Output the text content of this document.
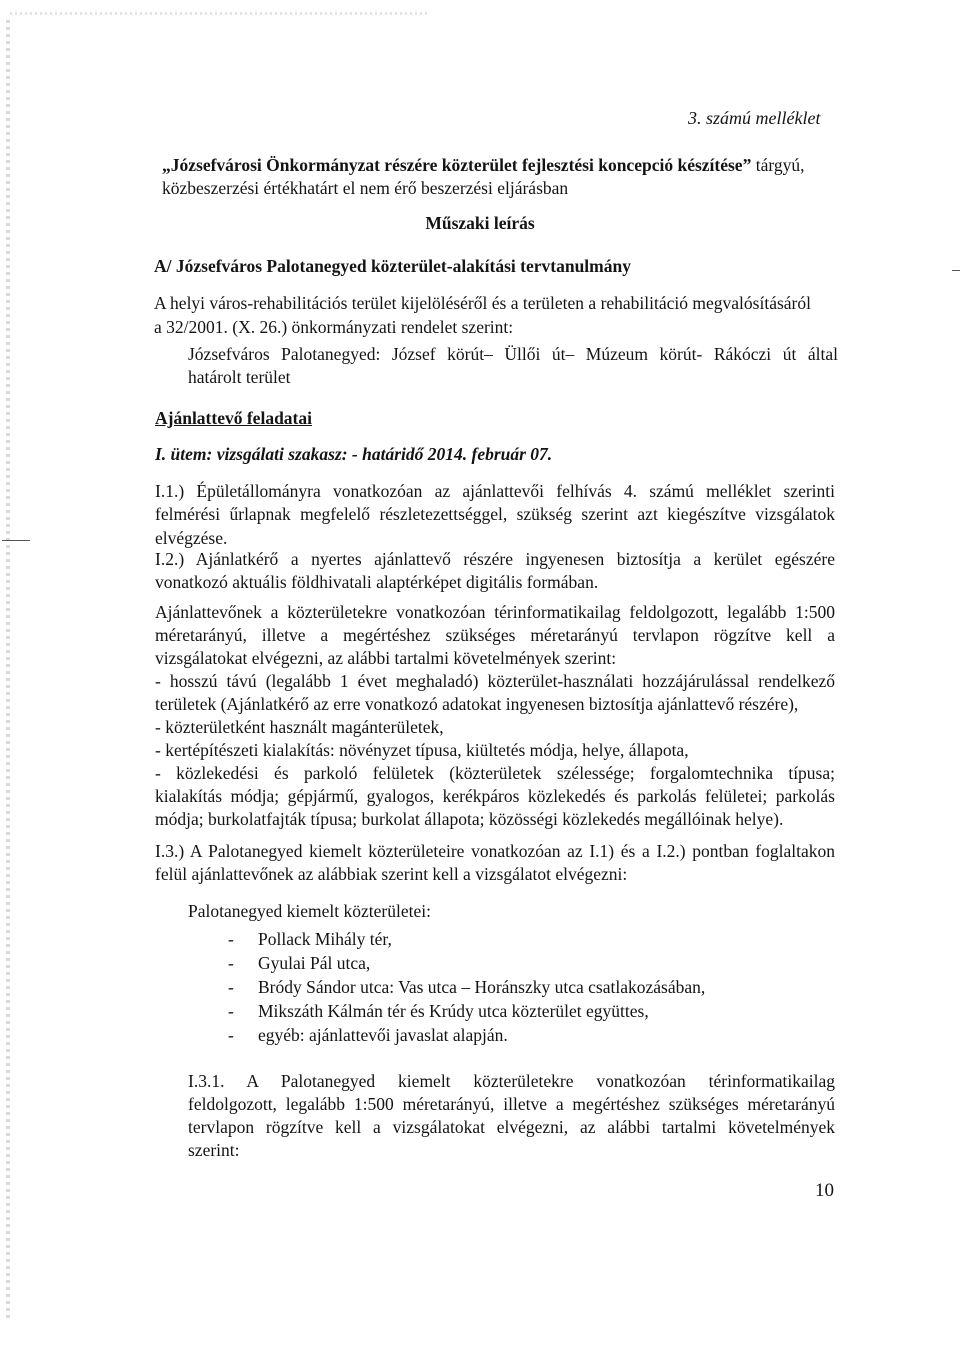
3. számú melléklet
„Józsefvárosi Önkormányzat részére közterület fejlesztési koncepció készítése” tárgyú,
közbeszerzési értékhatárt el nem érő beszerzési eljárásban
Műszaki leírás
A/ Józsefváros Palotanegyed közterület-alakítási tervtanulmány
A helyi város-rehabilitációs terület kijelöléséről és a területen a rehabilitáció megvalósításáról
a 32/2001. (X. 26.) önkormányzati rendelet szerint:
Józsefváros Palotanegyed: József körút– Üllői út– Múzeum körút- Rákóczi út által
határolt terület
Ajánlattevő feladatai
I. ütem: vizsgálati szakasz: - határidő 2014. február 07.
I.1.) Épületállományra vonatkozóan az ajánlattevői felhívás 4. számú melléklet szerinti
felmérési űrlapnak megfelelő részletezettséggel, szükség szerint azt kiegészítve vizsgálatok
elvégzése.
I.2.) Ajánlatkérő a nyertes ajánlattevő részére ingyenesen biztosítja a kerület egészére
vonatkozó aktuális földhivatali alaptérképet digitális formában.
Ajánlattevőnek a közterületekre vonatkozóan térinformatikailag feldolgozott, legalább 1:500
méretarányú, illetve a megértéshez szükséges méretarányú tervlapon rögzítve kell a
vizsgálatokat elvégezni, az alábbi tartalmi követelmények szerint:
- hosszú távú (legalább 1 évet meghaladó) közterület-használati hozzájárulással rendelkező
területek (Ajánlatkérő az erre vonatkozó adatokat ingyenesen biztosítja ajánlattevő részére),
- közterületként használt magánterületek,
- kertépítészeti kialakítás: növényzet típusa, kiültetés módja, helye, állapota,
- közlekedési és parkoló felületek (közterületek szélessége; forgalomtechnika típusa;
kialakítás módja; gépjármű, gyalogos, kerékpáros közlekedés és parkolás felületei; parkolás
módja; burkolatfajták típusa; burkolat állapota; közösségi közlekedés megállóinak helye).
I.3.) A Palotanegyed kiemelt közterületeire vonatkozóan az I.1) és a I.2.) pontban foglaltakon
felül ajánlattevőnek az alábbiak szerint kell a vizsgálatot elvégezni:
Palotanegyed kiemelt közterületei:
- Pollack Mihály tér,
- Gyulai Pál utca,
- Bródy Sándor utca: Vas utca – Horánszky utca csatlakozásában,
- Mikszáth Kálmán tér és Krúdy utca közterület együttes,
- egyéb: ajánlattevői javaslat alapján.
I.3.1. A Palotanegyed kiemelt közterületekre vonatkozóan térinformatikailag
feldolgozott, legalább 1:500 méretarányú, illetve a megértéshez szükséges méretarányú
tervlapon rögzítve kell a vizsgálatokat elvégezni, az alábbi tartalmi követelmények
szerint:
10
